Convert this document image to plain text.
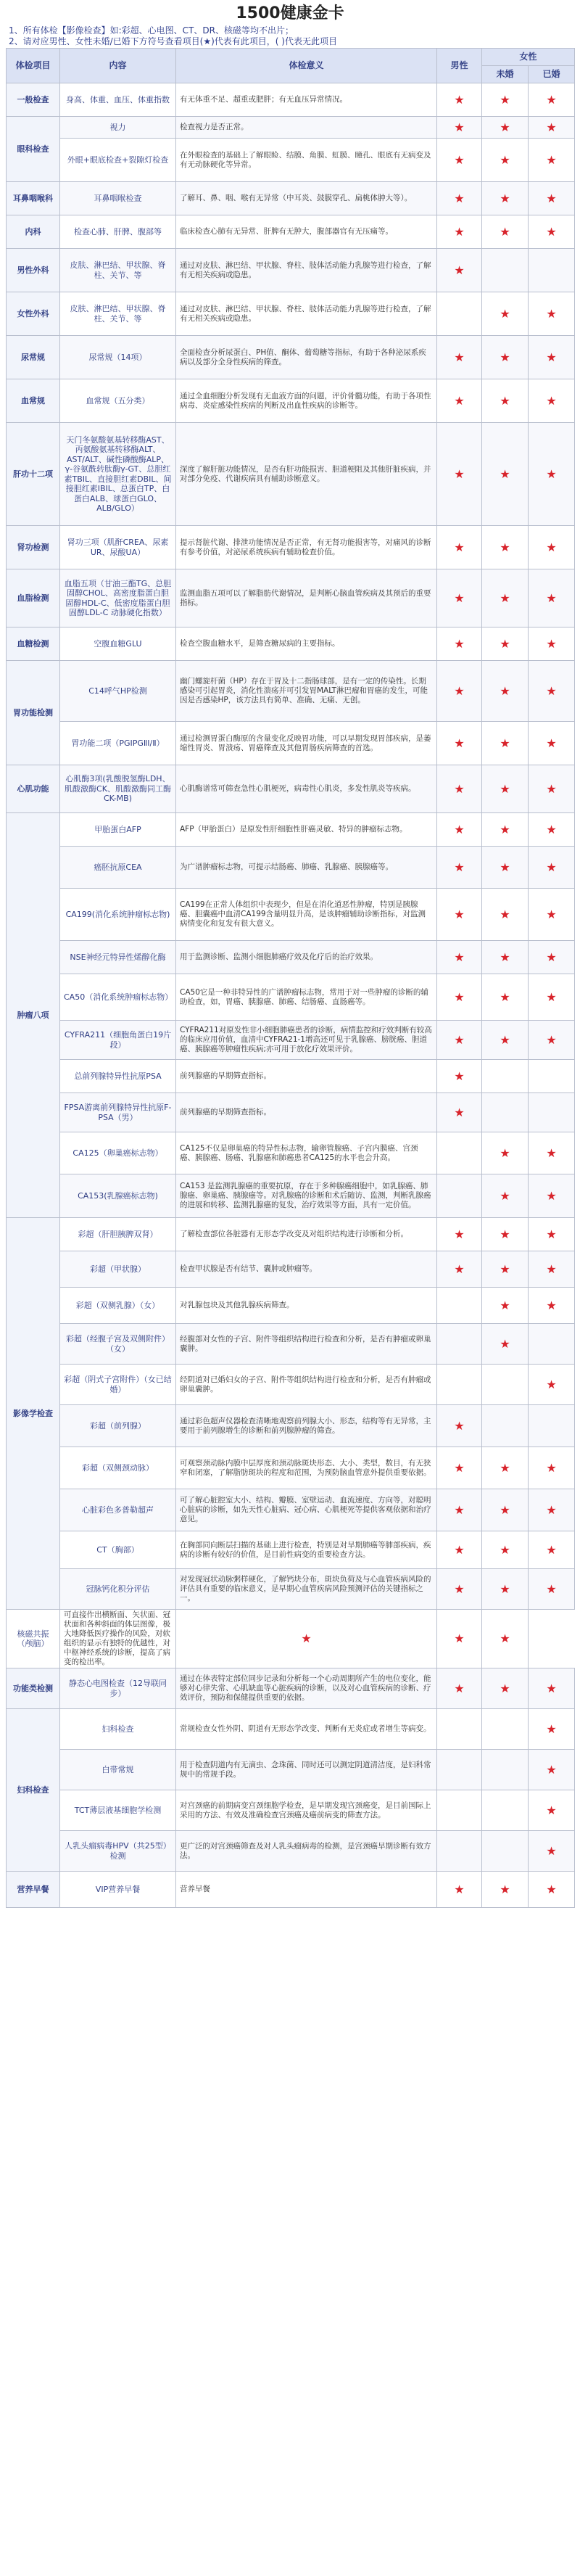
1500健康金卡
1、所有体检【影像检查】如:彩超、心电图、CT、DR、核磁等均不出片；
2、请对应男性、女性未婚/已婚下方符号查看项目(★)代表有此项目，( )代表无此项目
体检项目	内容	体检意义	男性	女性	
				未婚	已婚
一般检查	身高、体重、血压、体重指数	有无体重不足、超重或肥胖；有无血压异常情况。	★	★	★
眼科检查	视力	检查视力是否正常。	★	★	★
	外眼+眼底检查+裂隙灯检查	在外眼检查的基础上了解眼睑、结膜、角膜、虹膜、瞳孔、眼底有无病变及有无动脉硬化等异常。	★	★	★
耳鼻咽喉科	耳鼻咽喉检查	了解耳、鼻、咽、喉有无异常（中耳炎、鼓膜穿孔、扁桃体肿大等）。	★	★	★
内科	检查心肺、肝脾、腹部等	临床检查心肺有无异常、肝脾有无肿大，腹部器官有无压痛等。	★	★	★
男性外科	皮肤、淋巴结、甲状腺、脊柱、关节、等	通过对皮肤、淋巴结、甲状腺、脊柱、肢体活动能力乳腺等进行检查，了解有无相关疾病或隐患。	★		
女性外科	皮肤、淋巴结、甲状腺、脊柱、关节、等	通过对皮肤、淋巴结、甲状腺、脊柱、肢体活动能力乳腺等进行检查，了解有无相关疾病或隐患。		★	★
尿常规	尿常规（14项）	全面检查分析尿蛋白、PH值、酮体、葡萄糖等指标，有助于各种泌尿系疾病以及部分全身性疾病的筛查。	★	★	★
血常规	血常规（五分类）	通过全血细胞分析发现有无血液方面的问题，评价骨髓功能，有助于各项性病毒、炎症感染性疾病的判断及出血性疾病的诊断等。	★	★	★
肝功十二项	天门冬氨酸氨基转移酶AST、丙氨酸氨基转移酶ALT、AST/ALT、碱性磷酸酶ALP、γ-谷氨酰转肽酶γ-GT、总胆红素TBIL、直接胆红素DBIL、间接胆红素IBIL、总蛋白TP、白蛋白ALB、球蛋白GLO、ALB/GLO）	深度了解肝脏功能情况，是否有肝功能损害、胆道梗阻及其他肝脏疾病，并对部分免疫、代谢疾病具有辅助诊断意义。	★	★	★
肾功检测	肾功三项（肌酐CREA、尿素UR、尿酸UA）	提示肾脏代谢、排泄功能情况是否正常，有无肾功能损害等，对痛风的诊断有参考价值，对泌尿系统疾病有辅助检查价值。	★	★	★
血脂检测	血脂五项（甘油三酯TG、总胆固醇CHOL、高密度脂蛋白胆固醇HDL-C、低密度脂蛋白胆固醇LDL-C 动脉硬化指数）	监测血脂五项可以了解脂肪代谢情况，是判断心脑血管疾病及其预后的重要指标。	★	★	★
血糖检测	空腹血糖GLU	检查空腹血糖水平，是筛查糖尿病的主要指标。	★	★	★
胃功能检测	C14呼气HP检测	幽门螺旋杆菌（HP）存在于胃及十二指肠球部，是有一定的传染性。长期感染可引起胃炎，消化性溃疡并可引发胃MALT淋巴瘤和胃癌的发生，可能因是否感染HP，该方法具有简单、准确、无痛、无创。	★	★	★
	胃功能二项（PGⅠPGⅡⅠ/Ⅱ）	通过检测胃蛋白酶原的含量变化反映胃功能，可以早期发现胃部疾病，是萎缩性胃炎、胃溃疡、胃癌筛查及其他胃肠疾病筛查的首选。	★	★	★
心肌功能	心肌酶3项(乳酸脱氢酶LDH、肌酸激酶CK、肌酸激酶同工酶CK-MB)	心肌酶谱常可筛查急性心肌梗死，病毒性心肌炎，多发性肌炎等疾病。	★	★	★
肿瘤八项	甲胎蛋白AFP	AFP（甲胎蛋白）是原发性肝细胞性肝癌灵敏、特异的肿瘤标志物。	★	★	★
	癌胚抗原CEA	为广谱肿瘤标志物，可提示结肠癌、肺癌、乳腺癌、胰腺癌等。	★	★	★
	CA199(消化系统肿瘤标志物)	CA199在正常人体组织中表现少，但是在消化道恶性肿瘤，特别是胰腺癌、胆囊癌中血清CA199含量明显升高，是该肿瘤辅助诊断指标，对监测病情变化和复发有很大意义。	★	★	★
	NSE神经元特异性烯醇化酶	用于监测诊断、监测小细胞肺癌疗效及化疗后的治疗效果。	★	★	★
	CA50（消化系统肿瘤标志物）	CA50它是一种非特异性的广谱肿瘤标志物，常用于对一些肿瘤的诊断的辅助检查，如，胃癌、胰腺癌、肺癌、结肠癌、直肠癌等。	★	★	★
	CYFRA211（细胞角蛋白19片段）	CYFRA211对原发性非小细胞肺癌患者的诊断，病情监控和疗效判断有较高的临床应用价值，血清中CYFRA21-1增高还可见于乳腺癌、膀胱癌、胆道癌、胰腺癌等肿瘤性疾病;亦可用于放化疗效果评价。	★	★	★
	总前列腺特异性抗原PSA	前列腺癌的早期筛查指标。	★		
	FPSA游离前列腺特异性抗原F-PSA（男）	前列腺癌的早期筛查指标。	★		
	CA125（卵巢癌标志物）	CA125不仅是卵巢癌的特异性标志物，输卵管腺癌、子宫内膜癌、宫颈癌、胰腺癌、肠癌、乳腺癌和肺癌患者CA125的水平也会升高。		★	★
	CA153(乳腺癌标志物)	CA153 是监测乳腺癌的重要抗原，存在于多种腺癌细胞中，如乳腺癌、肺腺癌、卵巢癌、胰腺癌等。对乳腺癌的诊断和术后随访、监测，判断乳腺癌的进展和转移、监测乳腺癌的复发，治疗效果等方面，具有一定价值。		★	★
影像学检查	彩超（肝胆胰脾双肾）	了解检查部位各脏器有无形态学改变及对组织结构进行诊断和分析。	★	★	★
	彩超（甲状腺）	检查甲状腺是否有结节、囊肿或肿瘤等。	★	★	★
	彩超（双侧乳腺）（女）	对乳腺包块及其他乳腺疾病筛查。		★	★
	彩超（经腹子宫及双侧附件）（女）	经腹部对女性的子宫、附件等组织结构进行检查和分析，是否有肿瘤或卵巢囊肿。		★	
	彩超（阴式子宫附件）（女已结婚）	经阴道对已婚妇女的子宫、附件等组织结构进行检查和分析，是否有肿瘤或卵巢囊肿。			★
	彩超（前列腺）	通过彩色超声仪器检查清晰地观察前列腺大小、形态，结构等有无异常，主要用于前列腺增生的诊断和前列腺肿瘤的筛查。	★		
	彩超（双侧颈动脉）	可观察颈动脉内膜中层厚度和颈动脉斑块形态、大小、类型，数目，有无狭窄和闭塞，了解脂肪斑块的程度和范围，为预防脑血管意外提供重要依据。	★	★	★
	心脏彩色多普勒超声	可了解心脏腔室大小、结构、瓣膜、室壁运动、血流速度、方向等，对聪明心脏病的诊断，如先天性心脏病、冠心病、心肌梗死等提供客观依据和治疗意见。	★	★	★
	CT（胸部）	在胸部同向断层扫描的基础上进行检查，特别是对早期肺癌等肺部疾病，疾病的诊断有较好的价值，是目前性病变的重要检查方法。	★	★	★
	冠脉钙化积分评估	对发现冠状动脉粥样硬化，了解钙块分布，斑块负荷及与心血管疾病风险的评估具有重要的临床意义，是早期心血管疾病风险预测评估的关键指标之一。	★	★	★
核磁共振（颅脑）	可直接作出横断面、矢状面、冠状面和各种斜面的体层图像，极大地降低医疗操作的风险，对软组织的显示有独特的优越性，对中枢神经系统的诊断，提高了病变的检出率。	★	★	★	
功能类检测	静态心电图检查（12导联同步）	通过在体表特定部位同步记录和分析每一个心动周期所产生的电位变化，能够对心律失常、心肌缺血等心脏疾病的诊断，以及对心血管疾病的诊断、疗效评价，预防和保健提供重要的依据。	★	★	★
妇科检查	妇科检查	常规检查女性外阴、阴道有无形态学改变、判断有无炎症或者增生等病变。			★
	白带常规	用于检查阴道内有无滴虫、念珠菌、同时还可以测定阴道清洁度，是妇科常规中的常规手段。			★
	TCT薄层液基细胞学检测	对宫颈癌的前期病变宫颈细胞学检查，是早期发现宫颈癌变，是目前国际上采用的方法、有效及准确检查宫颈癌及癌前病变的筛查方法。			★
	人乳头瘤病毒HPV（共25型）检测	更广泛的对宫颈癌筛查及对人乳头瘤病毒的检测，是宫颈癌早期诊断有效方法。			★
营养早餐	VIP营养早餐	营养早餐	★	★	★
